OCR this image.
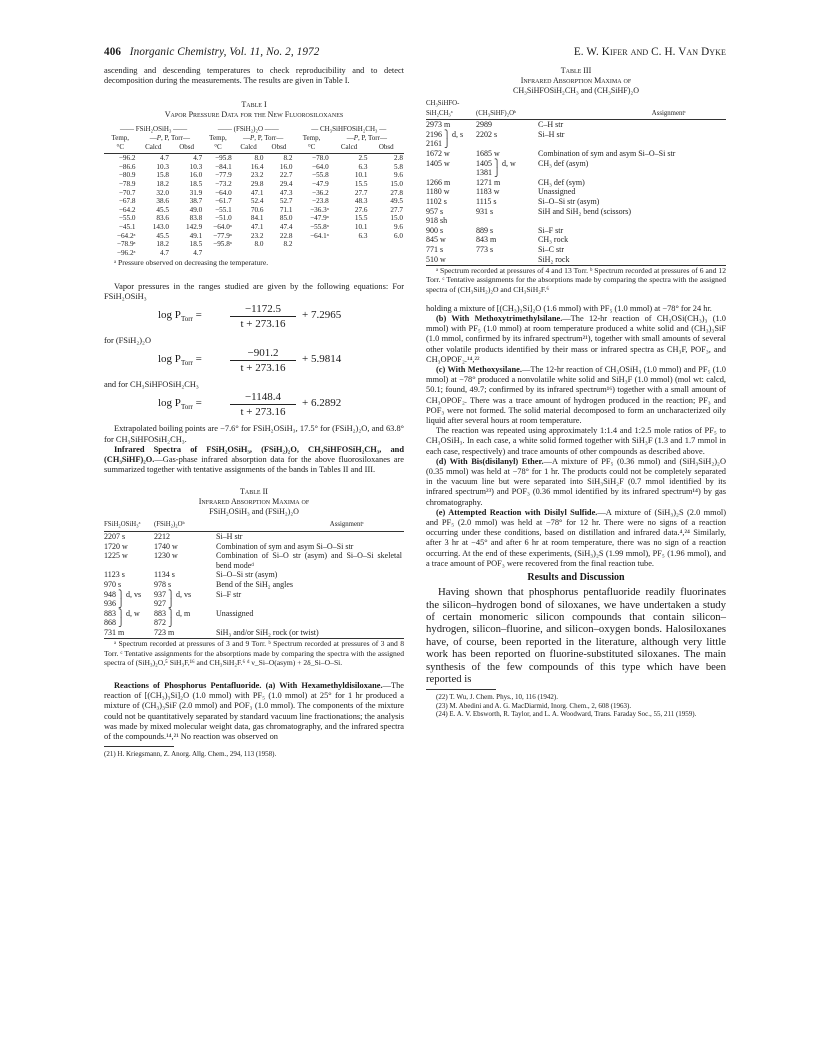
406 Inorganic Chemistry, Vol. 11, No. 2, 1972	E. W. Kifer and C. H. Van Dyke

ascending and descending temperatures to check reproducibility and to detect decomposition during the measurements. The results are given in Table I.

Table I
Vapor Pressure Data for the New Fluorosiloxanes
—— FSiH₂OSiH₃ ——			—— (FSiH₂)₂O ——			— CH₃SiHFOSiH₂CH₃ —		
Temp,	—P, P, Torr—		Temp,	—P, P, Torr—		Temp,	—P, P, Torr—	
°C	Calcd	Obsd	°C	Calcd	Obsd	°C	Calcd	Obsd

−96.2	4.7	4.7	−95.8	8.0	8.2	−78.0	2.5	2.8
−86.6	10.3	10.3	−84.1	16.4	16.0	−64.0	6.3	5.8
−80.9	15.8	16.0	−77.9	23.2	22.7	−55.8	10.1	9.6
−78.9	18.2	18.5	−73.2	29.8	29.4	−47.9	15.5	15.0
−70.7	32.0	31.9	−64.0	47.1	47.3	−36.2	27.7	27.8
−67.8	38.6	38.7	−61.7	52.4	52.7	−23.8	48.3	49.5
−64.2	45.5	49.0	−55.1	70.6	71.1	−36.3ᵃ	27.6	27.7
−55.0	83.6	83.8	−51.0	84.1	85.0	−47.9ᵃ	15.5	15.0
−45.1	143.0	142.9	−64.0ᵃ	47.1	47.4	−55.8ᵃ	10.1	9.6
−64.2ᵃ	45.5	49.1	−77.9ᵃ	23.2	22.8	−64.1ᵃ	6.3	6.0
−78.9ᵃ	18.2	18.5	−95.8ᵃ	8.0	8.2			
−96.2ᵃ	4.7	4.7						

ᵃ Pressure observed on decreasing the temperature.

Vapor pressures in the ranges studied are given by the following equations: For FSiH₂OSiH₃

$\log P_{Torr}$ =	$\frac{-1172.5}{t + 273.16} + 7.2965$

for (FSiH₂)₂O

$\log P_{Torr}$ =	$\frac{-901.2}{t + 273.16} + 5.9814$

and for CH₃SiHFOSiH₂CH₃

$\log P_{Torr}$ =	$\frac{-1148.4}{t + 273.16} + 6.2892$

Extrapolated boiling points are −7.6° for FSiH₂OSiH₃, 17.5° for (FSiH₂)₂O, and 63.8° for CH₃SiHFOSiH₂CH₃.

Infrared Spectra of FSiH₂OSiH₃, (FSiH₂)₂O, CH₃SiHFOSiH₂CH₃, and (CH₃SiHF)₂O.—Gas-phase infrared absorption data for the above fluorosiloxanes are summarized together with tentative assignments of the bands in Tables II and III.

Table II
Infrared Absorption Maxima of
FSiH₂OSiH₃ and (FSiH₂)₂O
FSiH₂OSiH₃ᵃ	(FSiH₂)₂Oᵇ	Assignmentᶜ

2207 s	2212	Si–H str
1720 w	1740 w	Combination of sym and asym Si–O–Si str
1225 w	1230 w	Combination of Si–O str (asym) and Si–O–Si skeletal bend modeᵈ
1123 s	1134 s	Si–O–Si str (asym)
970 s	978 s	Bend of the SiH₂ angles
948 ⎫ d, vs	937 ⎫ d, vs	Si–F str
936 ⎭	927 ⎭	
883 ⎫ d, w	883 ⎫ d, m	Unassigned
868 ⎭	872 ⎭	
731 m	723 m	SiH₃ and/or SiH₂ rock (or twist)

ᵃ Spectrum recorded at pressures of 3 and 9 Torr. ᵇ Spectrum recorded at pressures of 3 and 8 Torr. ᶜ Tentative assignments for the absorptions made by comparing the spectra with the assigned spectra of (SiH₃)₂O,⁵ SiH₃F,¹⁶ and CH₃SiH₂F.⁶ ᵈ ν_Si–O(asym) + 2δ_Si–O–Si.

Reactions of Phosphorus Pentafluoride. (a) With Hexamethyldisiloxane.—The reaction of [(CH₃)₃Si]₂O (1.0 mmol) with PF₅ (1.0 mmol) at 25° for 1 hr produced a mixture of (CH₃)₃SiF (2.0 mmol) and POF₃ (1.0 mmol). The components of the mixture could not be quantitatively separated by standard vacuum line fractionations; the analysis was made by mixed molecular weight data, gas chromatography, and the infrared spectra of the compounds.¹⁴,²¹ No reaction was observed on

(21) H. Kriegsmann, Z. Anorg. Allg. Chem., 294, 113 (1958).

Table III
Infrared Absorption Maxima of
CH₃SiHFOSiH₂CH₃ and (CH₃SiHF)₂O
CH₃SiHFO-		
SiH₂CH₃ᵃ	(CH₃SiHF)₂Oᵇ	Assignmentᶜ

2973 m	2989	C–H str
2196 ⎫ d, s	2202 s	Si–H str
2161 ⎭		
1672 w	1685 w	Combination of sym and asym Si–O–Si str
1405 w	1405 ⎫ d, w	CH₃ def (asym)
	1381 ⎭	
1266 m	1271 m	CH₃ def (sym)
1180 w	1183 w	Unassigned
1102 s	1115 s	Si–O–Si str (asym)
957 s	931 s	SiH and SiH₂ bend (scissors)
918 sh		
900 s	889 s	Si–F str
845 w	843 m	CH₃ rock
771 s	773 s	Si–C str
510 w		SiH₂ rock

ᵃ Spectrum recorded at pressures of 4 and 13 Torr. ᵇ Spectrum recorded at pressures of 6 and 12 Torr. ᶜ Tentative assignments for the absorptions made by comparing the spectra with the assigned spectra of (CH₃SiH₂)₂O and CH₃SiH₂F.⁶

holding a mixture of [(CH₃)₃Si]₂O (1.6 mmol) with PF₅ (1.0 mmol) at −78° for 24 hr.

(b) With Methoxytrimethylsilane.—The 12-hr reaction of CH₃OSi(CH₃)₃ (1.0 mmol) with PF₅ (1.0 mmol) at room temperature produced a white solid and (CH₃)₃SiF (1.0 mmol, confirmed by its infrared spectrum²¹), together with small amounts of several other volatile products identified by their mass or infrared spectra as CH₃F, POF₃, and CH₃OPOF₂.¹⁴,²²

(c) With Methoxysilane.—The 12-hr reaction of CH₃OSiH₃ (1.0 mmol) and PF₅ (1.0 mmol) at −78° produced a nonvolatile white solid and SiH₃F (1.0 mmol) (mol wt: calcd, 50.1; found, 49.7; confirmed by its infrared spectrum¹⁶) together with a small amount of CH₃OPOF₂. There was a trace amount of hydrogen produced in the reaction; PF₃ and POF₃ were not formed. The solid material decomposed to form an uncharacterized oily liquid after several hours at room temperature.

The reaction was repeated using approximately 1:1.4 and 1:2.5 mole ratios of PF₅ to CH₃OSiH₃. In each case, a white solid formed together with SiH₃F (1.3 and 1.7 mmol in each case, respectively) and trace amounts of other compounds as described above.

(d) With Bis(disilanyl) Ether.—A mixture of PF₅ (0.36 mmol) and (SiH₃SiH₂)₂O (0.35 mmol) was held at −78° for 1 hr. The products could not be completely separated in the vacuum line but were separated into SiH₃SiH₂F (0.7 mmol identified by its infrared spectrum²³) and POF₃ (0.36 mmol identified by its infrared spectrum¹⁴) by gas chromatography.

(e) Attempted Reaction with Disilyl Sulfide.—A mixture of (SiH₃)₂S (2.0 mmol) and PF₅ (2.0 mmol) was held at −78° for 12 hr. There were no signs of a reaction occurring under these conditions, based on distillation and infrared data.⁴,²⁴ Similarly, after 3 hr at −45° and after 6 hr at room temperature, there was no sign of a reaction occurring. At the end of these experiments, (SiH₃)₂S (1.99 mmol), PF₅ (1.96 mmol), and a trace amount of POF₃ were recovered from the final reaction tube.

Results and Discussion

Having shown that phosphorus pentafluoride readily fluorinates the silicon–hydrogen bond of siloxanes, we have undertaken a study of certain monomeric silicon compounds that contain silicon–hydrogen, silicon–fluorine, and silicon–oxygen bonds. Halosiloxanes have, of course, been reported in the literature, although very little work has been reported on fluorine-substituted siloxanes. The main synthesis of the few compounds of this type which have been reported is

(22) T. Wu, J. Chem. Phys., 10, 116 (1942).

(23) M. Abedini and A. G. MacDiarmid, Inorg. Chem., 2, 608 (1963).

(24) E. A. V. Ebsworth, R. Taylor, and L. A. Woodward, Trans. Faraday Soc., 55, 211 (1959).
